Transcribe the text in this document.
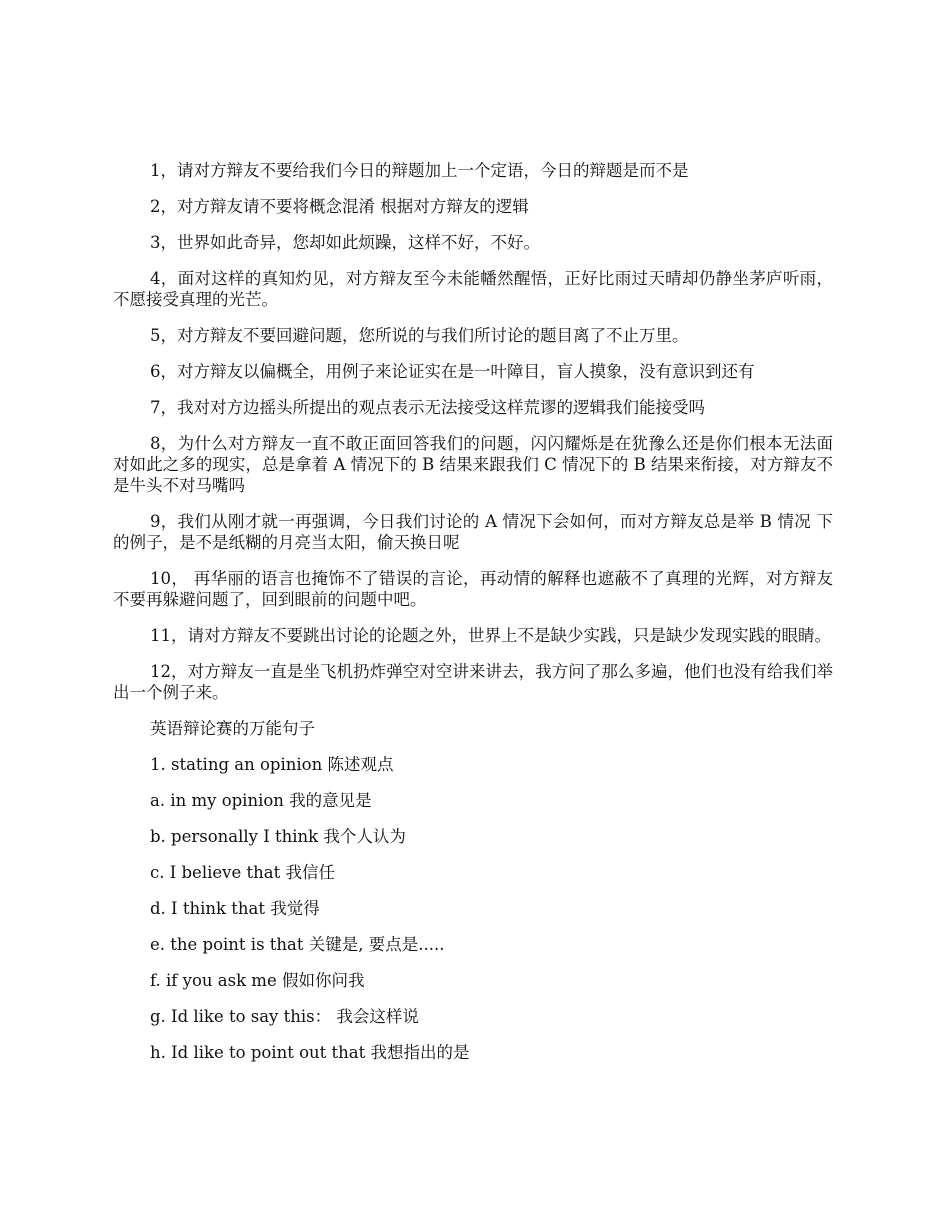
1，请对方辩友不要给我们今日的辩题加上一个定语，今日的辩题是而不是

2，对方辩友请不要将概念混淆 根据对方辩友的逻辑

3，世界如此奇异，您却如此烦躁，这样不好，不好。

4，面对这样的真知灼见，对方辩友至今未能幡然醒悟，正好比雨过天晴却仍静坐茅庐听雨，不愿接受真理的光芒。

5，对方辩友不要回避问题，您所说的与我们所讨论的题目离了不止万里。

6，对方辩友以偏概全，用例子来论证实在是一叶障目，盲人摸象，没有意识到还有

7，我对对方边摇头所提出的观点表示无法接受这样荒谬的逻辑我们能接受吗

8，为什么对方辩友一直不敢正面回答我们的问题，闪闪耀烁是在犹豫么还是你们根本无法面对如此之多的现实，总是拿着 A 情况下的 B 结果来跟我们 C 情况下的 B 结果来衔接，对方辩友不是牛头不对马嘴吗

9，我们从刚才就一再强调，今日我们讨论的 A 情况下会如何，而对方辩友总是举 B 情况 下的例子，是不是纸糊的月亮当太阳，偷天换日呢

10， 再华丽的语言也掩饰不了错误的言论，再动情的解释也遮蔽不了真理的光辉，对方辩友不要再躲避问题了，回到眼前的问题中吧。

11，请对方辩友不要跳出讨论的论题之外，世界上不是缺少实践，只是缺少发现实践的眼睛。

12，对方辩友一直是坐飞机扔炸弹空对空讲来讲去，我方问了那么多遍，他们也没有给我们举出一个例子来。

英语辩论赛的万能句子

1. stating an opinion 陈述观点

a. in my opinion 我的意见是

b. personally I think 我个人认为

c. I believe that 我信任

d. I think that 我觉得

e. the point is that 关键是, 要点是.....

f. if you ask me 假如你问我

g. Id like to say this： 我会这样说

h. Id like to point out that 我想指出的是
